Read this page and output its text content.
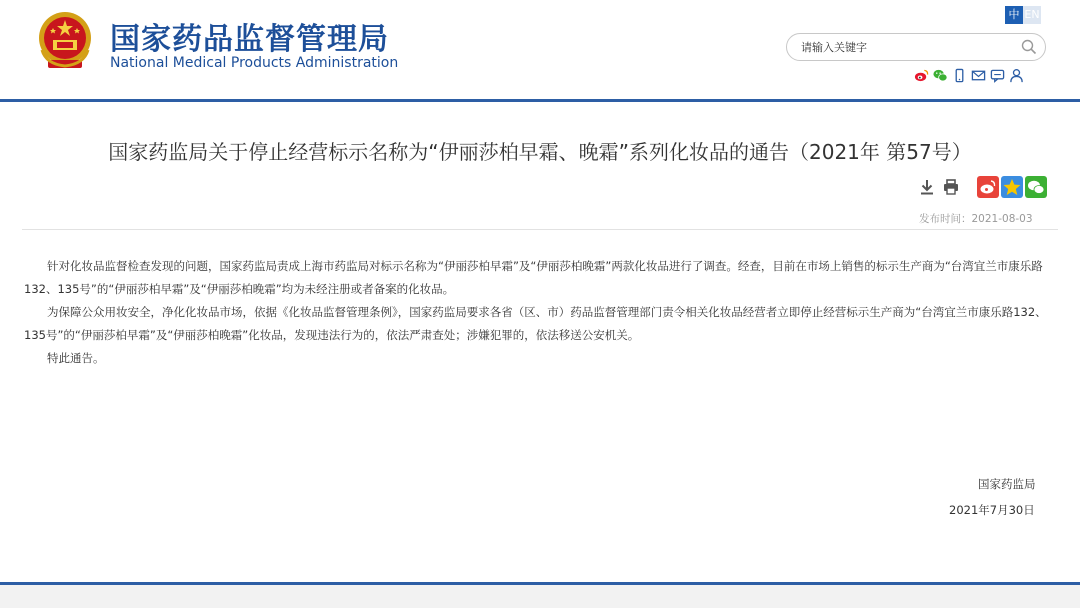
国家药品监督管理局
National Medical Products Administration
中 EN
请输入关键字
国家药监局关于停止经营标示名称为“伊丽莎柏早霜、晚霜”系列化妆品的通告（2021年 第57号）
发布时间：2021-08-03

针对化妆品监督检查发现的问题，国家药监局责成上海市药监局对标示名称为“伊丽莎柏早霜”及“伊丽莎柏晚霜”两款化妆品进行了调查。经查，目前在市场上销售的标示生产商为“台湾宜兰市康乐路132、135号”的“伊丽莎柏早霜”及“伊丽莎柏晚霜”均为未经注册或者备案的化妆品。

为保障公众用妆安全，净化化妆品市场，依据《化妆品监督管理条例》，国家药监局要求各省（区、市）药品监督管理部门责令相关化妆品经营者立即停止经营标示生产商为“台湾宜兰市康乐路132、135号”的“伊丽莎柏早霜”及“伊丽莎柏晚霜”化妆品，发现违法行为的，依法严肃查处；涉嫌犯罪的，依法移送公安机关。

特此通告。

国家药监局
2021年7月30日
